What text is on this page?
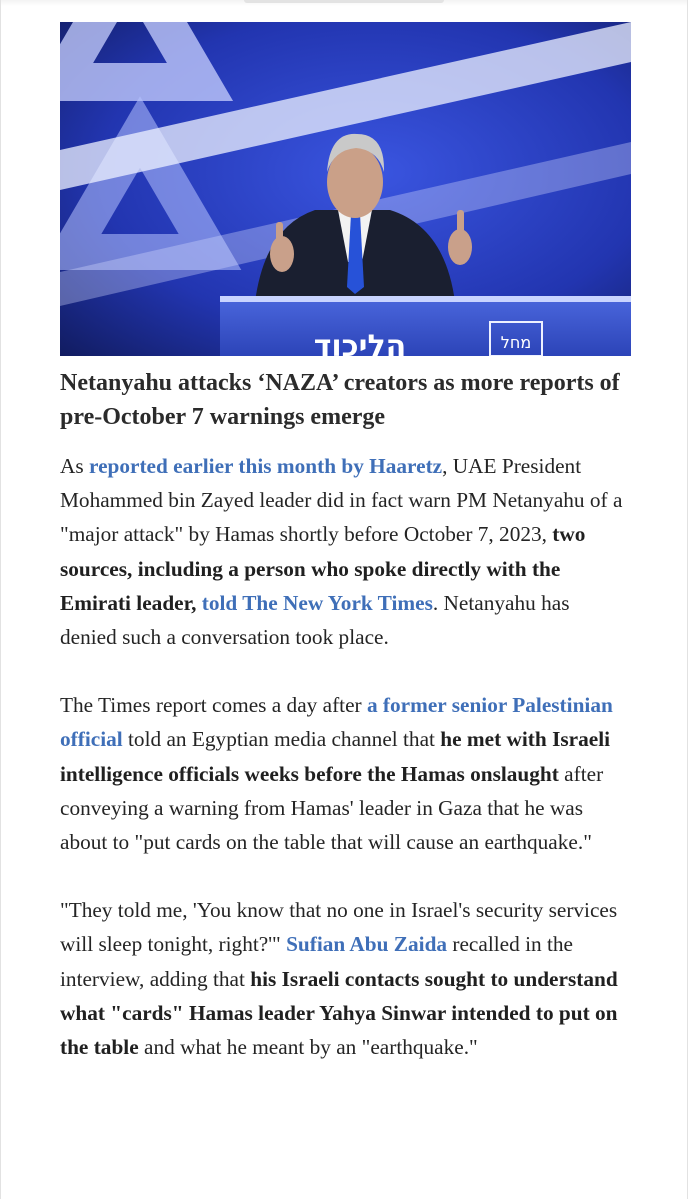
מחל
הליכוד
Netanyahu attacks ‘NAZA’ creators as more reports of pre-October 7 warnings emerge

As reported earlier this month by Haaretz, UAE President Mohammed bin Zayed leader did in fact warn PM Netanyahu of a "major attack" by Hamas shortly before October 7, 2023, two sources, including a person who spoke directly with the Emirati leader, told The New York Times. Netanyahu has denied such a conversation took place.

The Times report comes a day after a former senior Palestinian official told an Egyptian media channel that he met with Israeli intelligence officials weeks before the Hamas onslaught after conveying a warning from Hamas' leader in Gaza that he was about to "put cards on the table that will cause an earthquake."

"They told me, 'You know that no one in Israel's security services will sleep tonight, right?'" Sufian Abu Zaida recalled in the interview, adding that his Israeli contacts sought to understand what "cards" Hamas leader Yahya Sinwar intended to put on the table and what he meant by an "earthquake."
